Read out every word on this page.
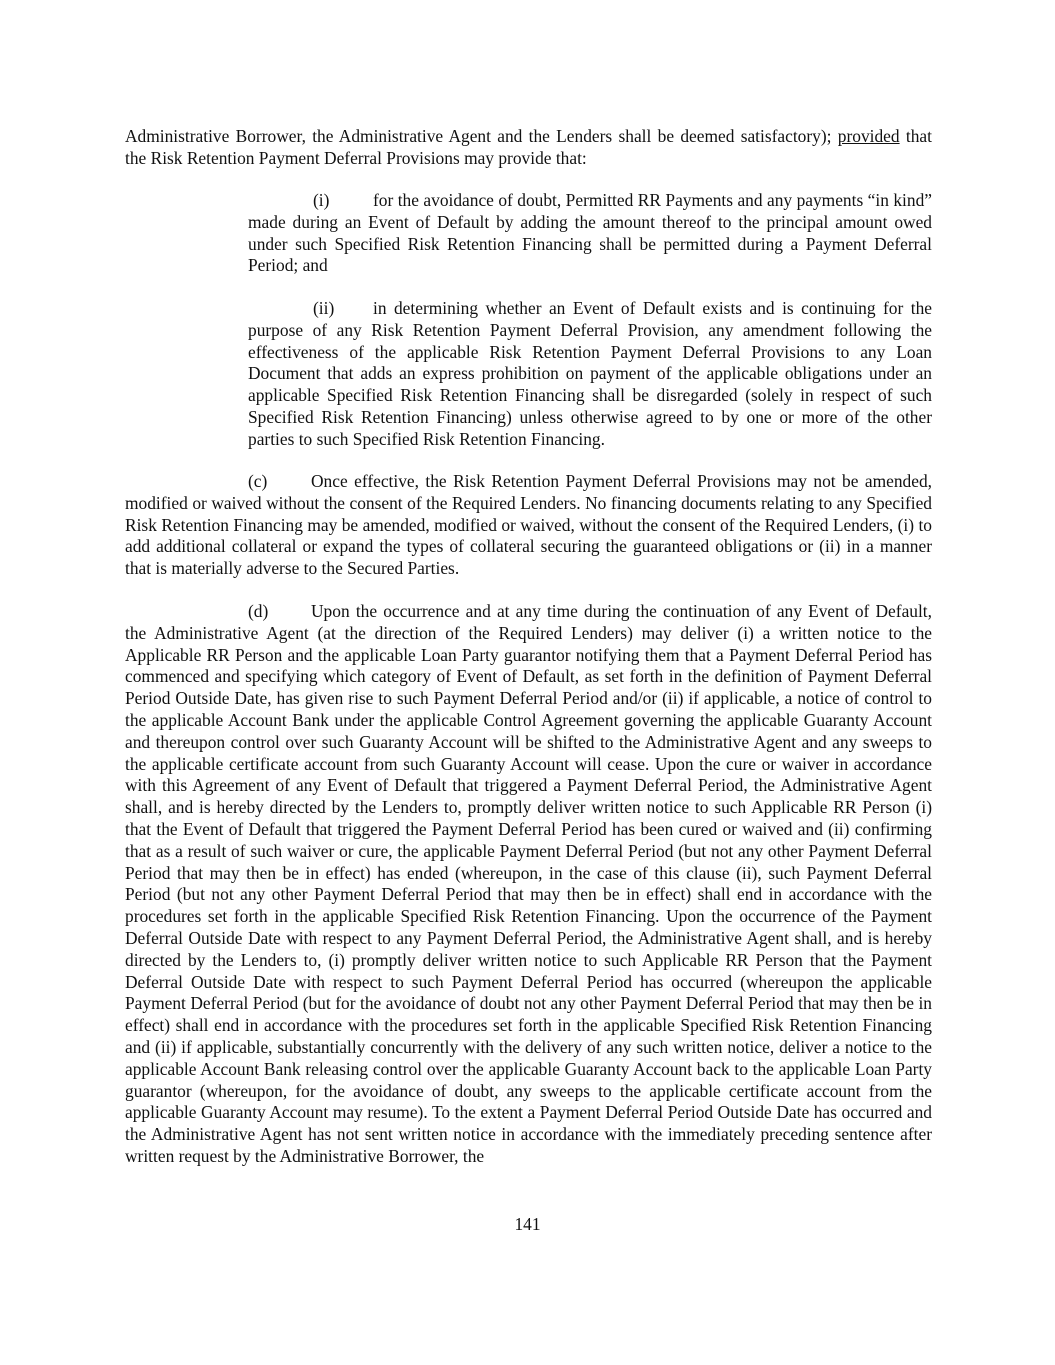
Administrative Borrower, the Administrative Agent and the Lenders shall be deemed satisfactory); provided that the Risk Retention Payment Deferral Provisions may provide that:
(i)	for the avoidance of doubt, Permitted RR Payments and any payments “in kind” made during an Event of Default by adding the amount thereof to the principal amount owed under such Specified Risk Retention Financing shall be permitted during a Payment Deferral Period; and
(ii) in determining whether an Event of Default exists and is continuing for the purpose of any Risk Retention Payment Deferral Provision, any amendment following the effectiveness of the applicable Risk Retention Payment Deferral Provisions to any Loan Document that adds an express prohibition on payment of the applicable obligations under an applicable Specified Risk Retention Financing shall be disregarded (solely in respect of such Specified Risk Retention Financing) unless otherwise agreed to by one or more of the other parties to such Specified Risk Retention Financing.
(c)	Once effective, the Risk Retention Payment Deferral Provisions may not be amended, modified or waived without the consent of the Required Lenders. No financing documents relating to any Specified Risk Retention Financing may be amended, modified or waived, without the consent of the Required Lenders, (i) to add additional collateral or expand the types of collateral securing the guaranteed obligations or (ii) in a manner that is materially adverse to the Secured Parties.
(d) Upon the occurrence and at any time during the continuation of any Event of Default, the Administrative Agent (at the direction of the Required Lenders) may deliver (i) a written notice to the Applicable RR Person and the applicable Loan Party guarantor notifying them that a Payment Deferral Period has commenced and specifying which category of Event of Default, as set forth in the definition of Payment Deferral Period Outside Date, has given rise to such Payment Deferral Period and/or (ii) if applicable, a notice of control to the applicable Account Bank under the applicable Control Agreement governing the applicable Guaranty Account and thereupon control over such Guaranty Account will be shifted to the Administrative Agent and any sweeps to the applicable certificate account from such Guaranty Account will cease. Upon the cure or waiver in accordance with this Agreement of any Event of Default that triggered a Payment Deferral Period, the Administrative Agent shall, and is hereby directed by the Lenders to, promptly deliver written notice to such Applicable RR Person (i) that the Event of Default that triggered the Payment Deferral Period has been cured or waived and (ii) confirming that as a result of such waiver or cure, the applicable Payment Deferral Period (but not any other Payment Deferral Period that may then be in effect) has ended (whereupon, in the case of this clause (ii), such Payment Deferral Period (but not any other Payment Deferral Period that may then be in effect) shall end in accordance with the procedures set forth in the applicable Specified Risk Retention Financing. Upon the occurrence of the Payment Deferral Outside Date with respect to any Payment Deferral Period, the Administrative Agent shall, and is hereby directed by the Lenders to, (i) promptly deliver written notice to such Applicable RR Person that the Payment Deferral Outside Date with respect to such Payment Deferral Period has occurred (whereupon the applicable Payment Deferral Period (but for the avoidance of doubt not any other Payment Deferral Period that may then be in effect) shall end in accordance with the procedures set forth in the applicable Specified Risk Retention Financing and (ii) if applicable, substantially concurrently with the delivery of any such written notice, deliver a notice to the applicable Account Bank releasing control over the applicable Guaranty Account back to the applicable Loan Party guarantor (whereupon, for the avoidance of doubt, any sweeps to the applicable certificate account from the applicable Guaranty Account may resume). To the extent a Payment Deferral Period Outside Date has occurred and the Administrative Agent has not sent written notice in accordance with the immediately preceding sentence after written request by the Administrative Borrower, the
141
